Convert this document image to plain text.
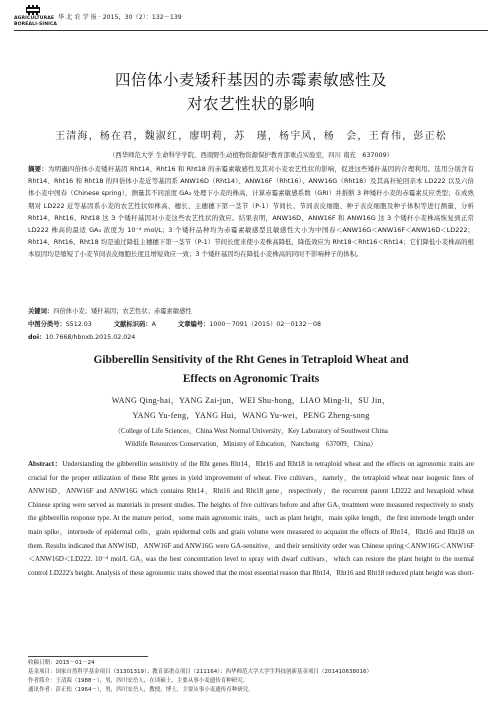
AGRICULTURAE
BOREALI-SINICA
华 北 农 学 报 · 2015，30（2）：132－139
四倍体小麦矮秆基因的赤霉素敏感性及
对农艺性状的影响
王清海，杨在君，魏淑红，廖明莉，苏　瑾，杨宇风，杨　会，王育伟，彭正松
（西华师范大学 生命科学学院，西南野生动植物资源保护教育部重点实验室，四川 南充　637009）

摘要：为明确四倍体小麦矮秆基因 Rht14、Rht16 和 Rht18 的赤霉素敏感性及其对小麦农艺性状的影响，促进这些矮秆基因的合理利用。选用分别含有 Rht14、Rht16 和 Rht18 的四倍体小麦近等基因系 ANW16D（Rht14）、ANW16F（Rht16）、ANW16G（Rht18）及其高秆轮回亲本 LD222 以及六倍体小麦中国春（Chinese spring），测量其不同浓度 GA₃ 处理下小麦的株高，计算赤霉素敏感系数（GRI）并推断 3 种矮秆小麦的赤霉素反应类型；在成熟期对 LD222 近等基因系小麦的农艺性状如株高、穗长、主穗穗下第一茎节（P-1）节间长、节间表皮细胞、种子表皮细胞及种子体积等进行测量，分析 Rht14、Rht16、Rht18 这 3 个矮秆基因对小麦这些农艺性状的效应。结果表明，ANW16D、ANW16F 和 ANW16G 这 3 个矮秆小麦株高恢复到正常 LD222 株高的最适 GA₃ 浓度为 10⁻⁴ mol/L；3 个矮秆品种均为赤霉素敏感型且敏感性大小为中国春＜ANW16G＜ANW16F＜ANW16D＜LD222；Rht14、Rht16、Rht18 均是通过降低主穗穗下第一茎节（P-1）节间长度来使小麦株高降低，降低效应为 Rht18＜Rht16＜Rht14；它们降低小麦株高的根本原因均是缩短了小麦节间表皮细胞长度且增短效应一致；3 个矮秆基因均在降低小麦株高的同时不影响种子的体积。

关键词：四倍体小麦；矮秆基因；农艺性状；赤霉素敏感性
中图分类号：S512.03	文献标识码：A	文章编号：1000－7091（2015）02－0132－08
doi：10.7668/hbnxb.2015.02.024

Gibberellin Sensitivity of the Rht Genes in Tetraploid Wheat and
Effects on Agronomic Traits

WANG Qing-hai，YANG Zai-jun，WEI Shu-hong，LIAO Ming-li，SU Jin，
YANG Yu-feng，YANG Hui，WANG Yu-wei，PENG Zheng-song

（College of Life Sciences，China West Normal University，Key Laboratory of Southwest China
Wildlife Resources Conservation，Ministry of Education，Nanchong　637009，China）

Abstract：Understanding the gibberellin sensitivity of the Rht genes Rht14，Rht16 and Rht18 in tetraploid wheat and the effects on agronomic traits are crucial for the proper utilization of these Rht genes in yield improvement of wheat. Five cultivars，namely，the tetraploid wheat near isogenic lines of ANW16D，ANW16F and ANW16G which contains Rht14，Rht16 and Rht18 gene，respectively，the recurrent parent LD222 and hexaploid wheat Chinese spring were served as materials in present studies. The heights of five cultivars before and after GA₃ treatment were measured respectively to study the gibberellin response type. At the mature period，some main agronomic traits，such as plant height，main spike length，the first internode length under main spike，internode of epidermal cells，grain epidermal cells and grain volume were measured to acquaint the effects of Rht14，Rht16 and Rht18 on them. Results indicated that ANW16D，ANW16F and ANW16G were GA-sensitive，and their sensitivity order was Chinese spring＜ANW16G＜ANW16F＜ANW16D＜LD222. 10⁻⁴ mol/L GA₃ was the best concentration level to spray with dwarf cultivars，which can restore the plant height to the normal control LD222's height. Analysis of these agronomic traits showed that the most essential reason that Rht14，Rht16 and Rht18 reduced plant height was short-

收稿日期：2015－01－24
基金项目：国家自然科学基金项目（31301319）；教育部重点项目（211164）；西华师范大学大学生科技创新基金项目（201410638016）
作者简介：王清海（1988－），男，四川安岳人，在读硕士，主要从事小麦遗传育种研究。
通讯作者：彭正松（1964－），男，四川安岳人，教授，博士，主要从事小麦遗传育种研究。
